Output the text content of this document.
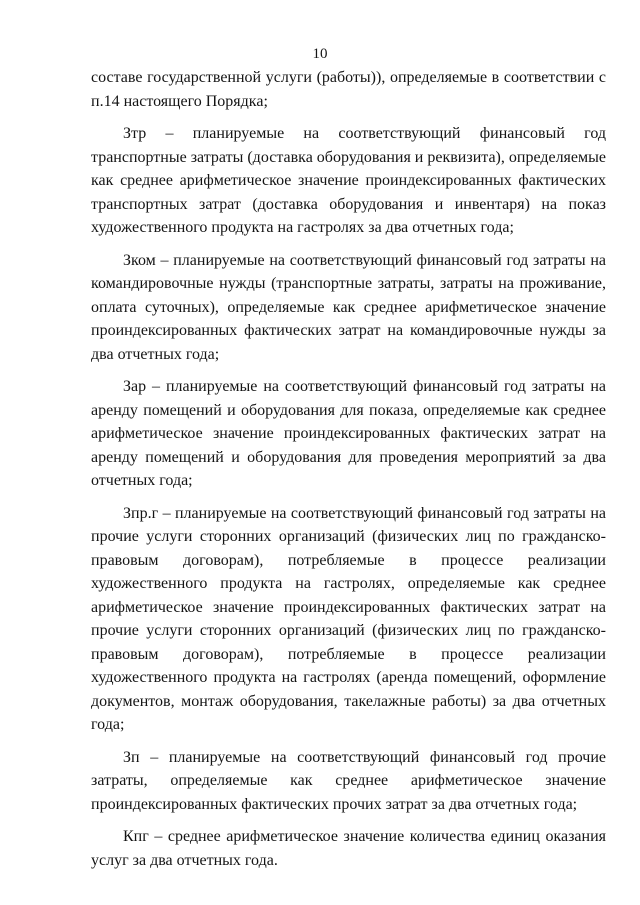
10

составе государственной услуги (работы)), определяемые в соответствии с п.14 настоящего Порядка;

Зтр – планируемые на соответствующий финансовый год транспортные затраты (доставка оборудования и реквизита), определяемые как среднее арифметическое значение проиндексированных фактических транспортных затрат (доставка оборудования и инвентаря) на показ художественного продукта на гастролях за два отчетных года;

Зком – планируемые на соответствующий финансовый год затраты на командировочные нужды (транспортные затраты, затраты на проживание, оплата суточных), определяемые как среднее арифметическое значение проиндексированных фактических затрат на командировочные нужды за два отчетных года;

Зар – планируемые на соответствующий финансовый год затраты на аренду помещений и оборудования для показа, определяемые как среднее арифметическое значение проиндексированных фактических затрат на аренду помещений и оборудования для проведения мероприятий за два отчетных года;

Зпр.г – планируемые на соответствующий финансовый год затраты на прочие услуги сторонних организаций (физических лиц по гражданско-правовым договорам), потребляемые в процессе реализации художественного продукта на гастролях, определяемые как среднее арифметическое значение проиндексированных фактических затрат на прочие услуги сторонних организаций (физических лиц по гражданско-правовым договорам), потребляемые в процессе реализации художественного продукта на гастролях (аренда помещений, оформление документов, монтаж оборудования, такелажные работы) за два отчетных года;

Зп – планируемые на соответствующий финансовый год прочие затраты, определяемые как среднее арифметическое значение проиндексированных фактических прочих затрат за два отчетных года;

Кпг – среднее арифметическое значение количества единиц оказания услуг за два отчетных года.
